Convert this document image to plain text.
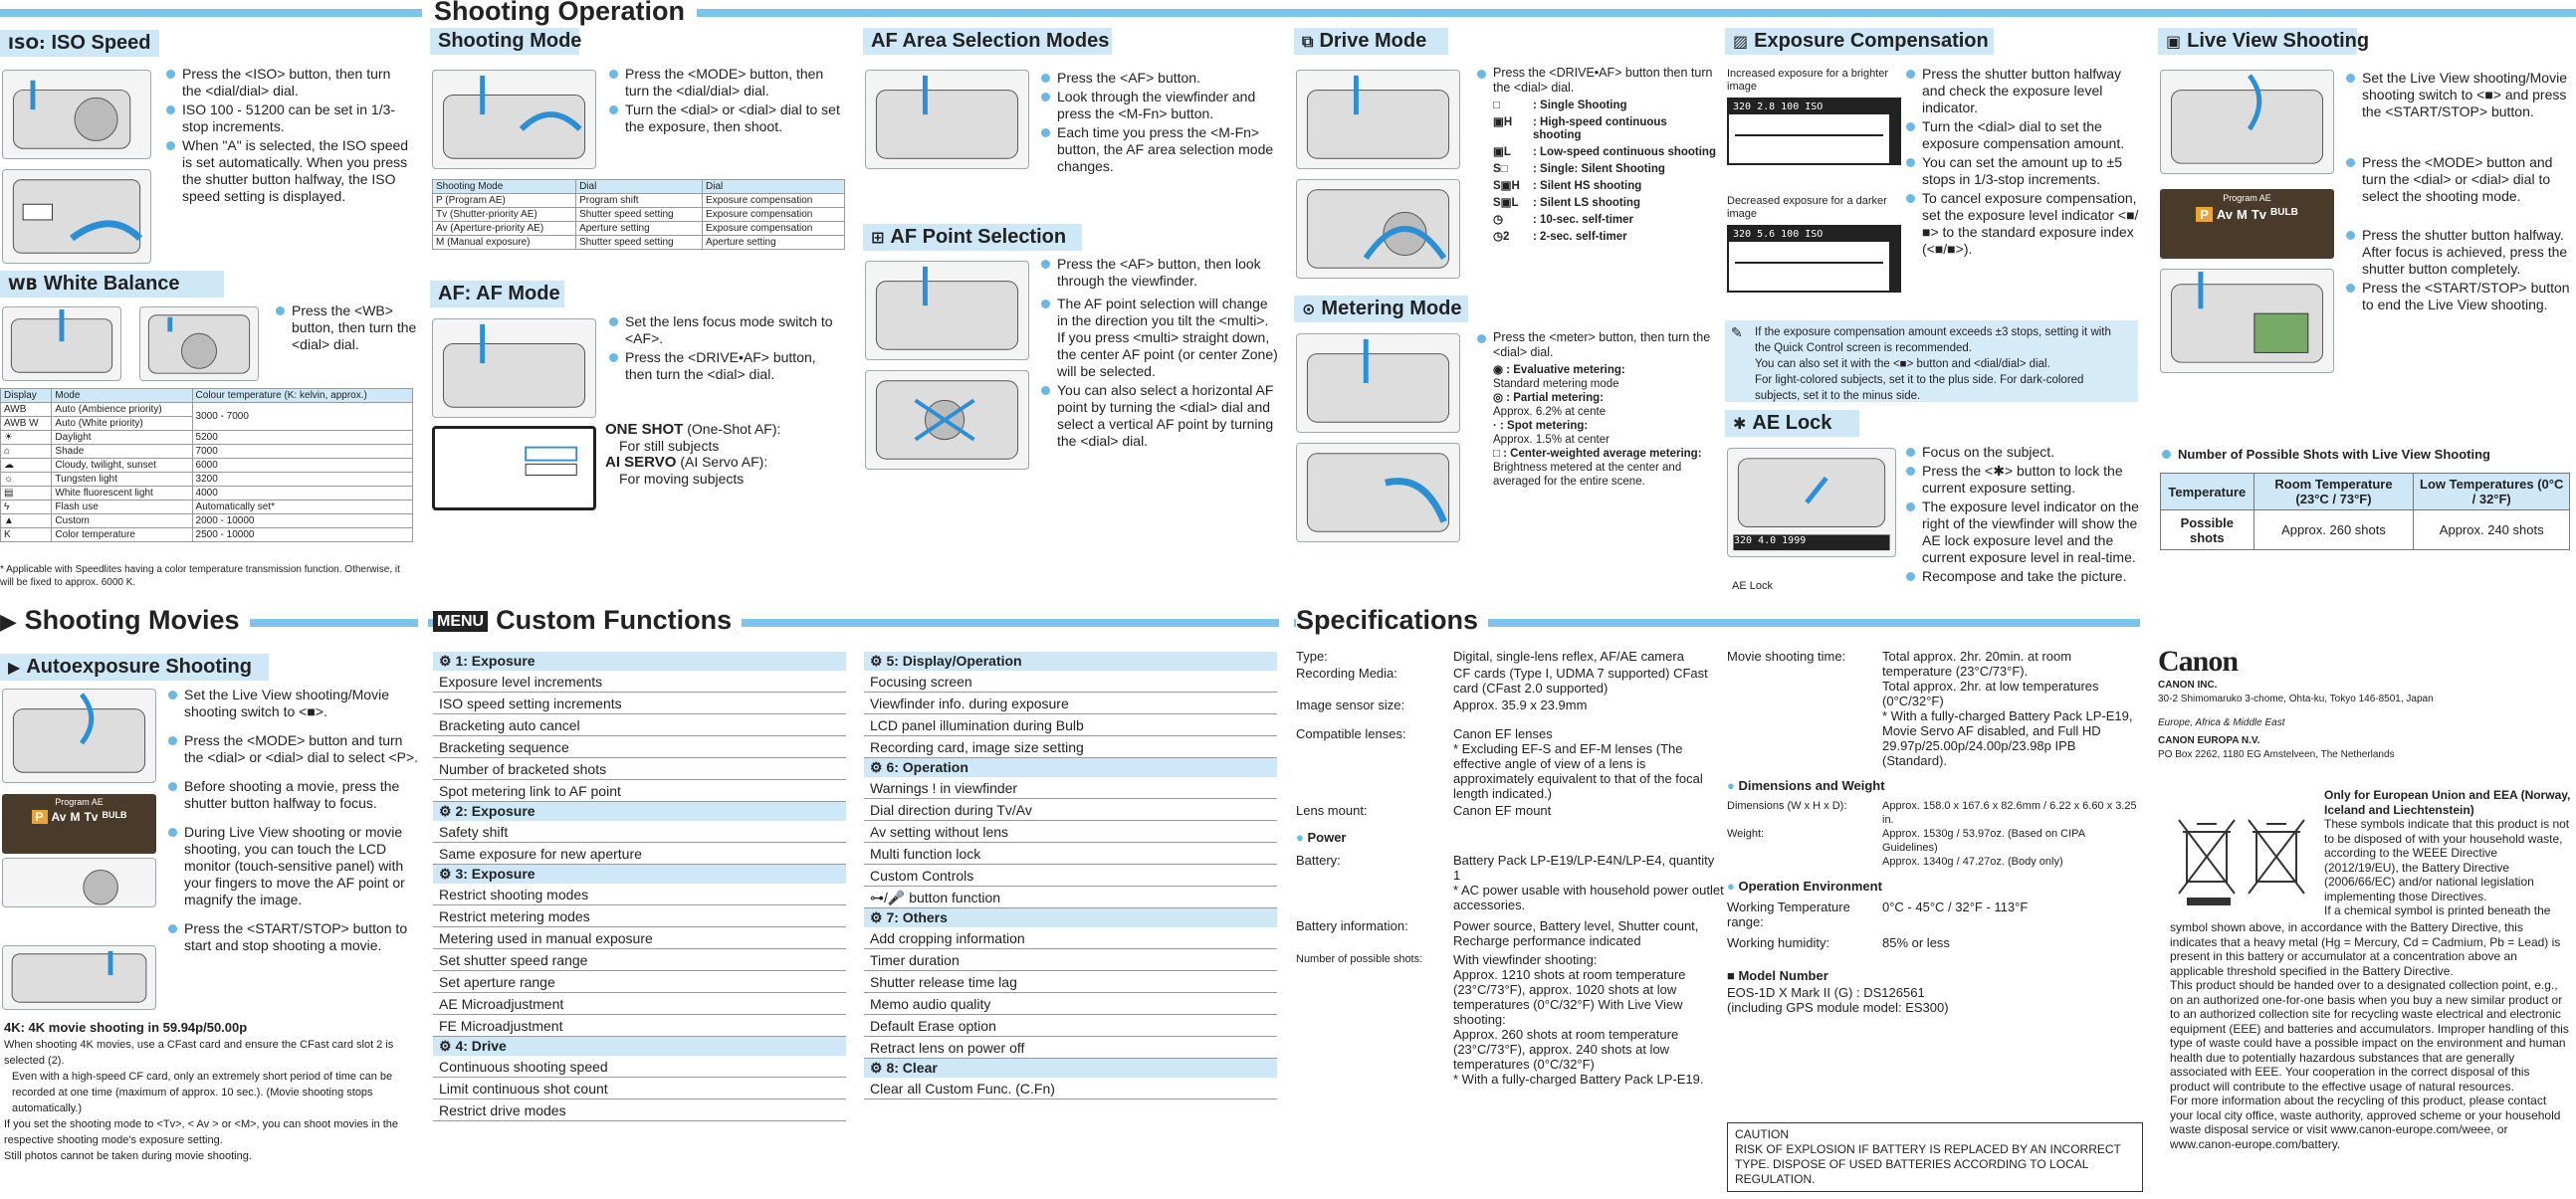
Shooting Operation
ISO: ISO Speed
Press the <ISO> button, then turn the <dial/dial> dial.
ISO 100 - 51200 can be set in 1/3-stop increments.
When "A" is selected, the ISO speed is set automatically. When you press the shutter button halfway, the ISO speed setting is displayed.
WB White Balance
Press the <WB> button, then turn the <dial> dial.
Display	Mode	Colour temperature (K: kelvin, approx.)
AWB	Auto (Ambience priority)	3000 - 7000
AWB W	Auto (White priority)	
☀	Daylight	5200
⌂	Shade	7000
☁	Cloudy, twilight, sunset	6000
☼	Tungsten light	3200
▤	White fluorescent light	4000
ϟ	Flash use	Automatically set*
▲	Custom	2000 - 10000
K	Color temperature	2500 - 10000
* Applicable with Speedlites having a color temperature transmission function. Otherwise, it will be fixed to approx. 6000 K.
Shooting Mode
Press the <MODE> button, then turn the <dial/dial> dial.
Turn the <dial> or <dial> dial to set the exposure, then shoot.
Shooting Mode	Dial	Dial
P (Program AE)	Program shift	Exposure compensation
Tv (Shutter-priority AE)	Shutter speed setting	Exposure compensation
Av (Aperture-priority AE)	Aperture setting	Exposure compensation
M (Manual exposure)	Shutter speed setting	Aperture setting
AF: AF Mode
Set the lens focus mode switch to <AF>.
Press the <DRIVE•AF> button, then turn the <dial> dial.
ONE SHOT (One-Shot AF):
For still subjects
AI SERVO (AI Servo AF):
For moving subjects
AF Area Selection Modes
Press the <AF> button.
Look through the viewfinder and press the <M-Fn> button.
Each time you press the <M-Fn> button, the AF area selection mode changes.
⊞ AF Point Selection
Press the <AF> button, then look through the viewfinder.
The AF point selection will change in the direction you tilt the <multi>. If you press <multi> straight down, the center AF point (or center Zone) will be selected.
You can also select a horizontal AF point by turning the <dial> dial and select a vertical AF point by turning the <dial> dial.
⧉ Drive Mode
Press the <DRIVE•AF> button then turn the <dial> dial.
□	: Single Shooting
▣H	: High-speed continuous shooting
▣L	: Low-speed continuous shooting
S□ : Single: Silent Shooting
S▣H : Silent HS shooting
S▣L : Silent LS shooting
◷	: 10-sec. self-timer
◷2 : 2-sec. self-timer
⊙ Metering Mode
Press the <meter> button, then turn the <dial> dial.
◉ : Evaluative metering:
Standard metering mode
◎ : Partial metering:
Approx. 6.2% at cente
· : Spot metering:
Approx. 1.5% at center
□ : Center-weighted average metering:
Brightness metered at the center and averaged for the entire scene.
▨ Exposure Compensation
Increased exposure for a brighter image
320 2.8 100 ISO
Decreased exposure for a darker image
320 5.6 100 ISO
Press the shutter button halfway and check the exposure level indicator.
Turn the <dial> dial to set the exposure compensation amount.
You can set the amount up to ±5 stops in 1/3-stop increments.
To cancel exposure compensation, set the exposure level indicator <■/■> to the standard exposure index (<■/■>).
✎ If the exposure compensation amount exceeds ±3 stops, setting it with the Quick Control screen is recommended.
You can also set it with the <■> button and <dial/dial> dial.
For light-colored subjects, set it to the plus side. For dark-colored subjects, set it to the minus side.
✱ AE Lock
320 4.0 1999
AE Lock
Focus on the subject.
Press the <✱> button to lock the current exposure setting.
The exposure level indicator on the right of the viewfinder will show the AE lock exposure level and the current exposure level in real-time.
Recompose and take the picture.
▣ Live View Shooting
Program AE
P Av M Tv BULB
Set the Live View shooting/Movie shooting switch to <■> and press the <START/STOP> button.
Press the <MODE> button and turn the <dial> or <dial> dial to select the shooting mode.
Press the shutter button halfway. After focus is achieved, press the shutter button completely.
Press the <START/STOP> button to end the Live View shooting.
Number of Possible Shots with Live View Shooting
Temperature	Room Temperature (23°C / 73°F)	Low Temperatures (0°C / 32°F)
Possible shots	Approx. 260 shots	Approx. 240 shots
▶ Shooting Movies
▶ Autoexposure Shooting
Program AE
P Av M Tv BULB
Set the Live View shooting/Movie shooting switch to <■>.
Press the <MODE> button and turn the <dial> or <dial> dial to select <P>.
Before shooting a movie, press the shutter button halfway to focus.
During Live View shooting or movie shooting, you can touch the LCD monitor (touch-sensitive panel) with your fingers to move the AF point or magnify the image.
Press the <START/STOP> button to start and stop shooting a movie.
4K: 4K movie shooting in 59.94p/50.00p
When shooting 4K movies, use a CFast card and ensure the CFast card slot 2 is selected (2).
Even with a high-speed CF card, only an extremely short period of time can be recorded at one time (maximum of approx. 10 sec.). (Movie shooting stops automatically.)
If you set the shooting mode to <Tv>, < Av > or <M>, you can shoot movies in the respective shooting mode's exposure setting.
Still photos cannot be taken during movie shooting.
MENU Custom Functions
⚙ 1: Exposure
Exposure level increments
ISO speed setting increments
Bracketing auto cancel
Bracketing sequence
Number of bracketed shots
Spot metering link to AF point
⚙ 2: Exposure
Safety shift
Same exposure for new aperture
⚙ 3: Exposure
Restrict shooting modes
Restrict metering modes
Metering used in manual exposure
Set shutter speed range
Set aperture range
AE Microadjustment
FE Microadjustment
⚙ 4: Drive
Continuous shooting speed
Limit continuous shot count
Restrict drive modes
⚙ 5: Display/Operation
Focusing screen
Viewfinder info. during exposure
LCD panel illumination during Bulb
Recording card, image size setting
⚙ 6: Operation
Warnings ! in viewfinder
Dial direction during Tv/Av
Av setting without lens
Multi function lock
Custom Controls
⊶/🎤 button function
⚙ 7: Others
Add cropping information
Timer duration
Shutter release time lag
Memo audio quality
Default Erase option
Retract lens on power off
⚙ 8: Clear
Clear all Custom Func. (C.Fn)
Specifications
Type:	Digital, single-lens reflex, AF/AE camera
Recording Media:	CF cards (Type I, UDMA 7 supported) CFast card (CFast 2.0 supported)
Image sensor size:	Approx. 35.9 x 23.9mm
Compatible lenses:	Canon EF lenses
* Excluding EF-S and EF-M lenses (The effective angle of view of a lens is approximately equivalent to that of the focal length indicated.)
Lens mount:	Canon EF mount
● Power
Battery:	Battery Pack LP-E19/LP-E4N/LP-E4, quantity 1
* AC power usable with household power outlet accessories.
Battery information:	Power source, Battery level, Shutter count, Recharge performance indicated
Number of possible shots:	With viewfinder shooting:
Approx. 1210 shots at room temperature (23°C/73°F), approx. 1020 shots at low temperatures (0°C/32°F) With Live View shooting:
Approx. 260 shots at room temperature (23°C/73°F), approx. 240 shots at low temperatures (0°C/32°F)
* With a fully-charged Battery Pack LP-E19.
Movie shooting time:	Total approx. 2hr. 20min. at room temperature (23°C/73°F).
Total approx. 2hr. at low temperatures (0°C/32°F)
* With a fully-charged Battery Pack LP-E19, Movie Servo AF disabled, and Full HD 29.97p/25.00p/24.00p/23.98p IPB (Standard).
● Dimensions and Weight
Dimensions (W x H x D):	Approx. 158.0 x 167.6 x 82.6mm / 6.22 x 6.60 x 3.25 in.
Weight:	Approx. 1530g / 53.97oz. (Based on CIPA Guidelines)
Approx. 1340g / 47.27oz. (Body only)
● Operation Environment
Working Temperature range:
0°C - 45°C / 32°F - 113°F
Working humidity:	85% or less
■ Model Number
EOS-1D X Mark II (G) : DS126561
(including GPS module model: ES300)
CAUTION
RISK OF EXPLOSION IF BATTERY IS REPLACED BY AN INCORRECT TYPE. DISPOSE OF USED BATTERIES ACCORDING TO LOCAL REGULATION.
Canon
CANON INC.
30-2 Shimomaruko 3-chome, Ohta-ku, Tokyo 146-8501, Japan
Europe, Africa & Middle East
CANON EUROPA N.V.
PO Box 2262, 1180 EG Amstelveen, The Netherlands
Only for European Union and EEA (Norway, Iceland and Liechtenstein)
These symbols indicate that this product is not to be disposed of with your household waste, according to the WEEE Directive (2012/19/EU), the Battery Directive (2006/66/EC) and/or national legislation implementing those Directives.
If a chemical symbol is printed beneath the
symbol shown above, in accordance with the Battery Directive, this indicates that a heavy metal (Hg = Mercury, Cd = Cadmium, Pb = Lead) is present in this battery or accumulator at a concentration above an applicable threshold specified in the Battery Directive.
This product should be handed over to a designated collection point, e.g., on an authorized one-for-one basis when you buy a new similar product or to an authorized collection site for recycling waste electrical and electronic equipment (EEE) and batteries and accumulators. Improper handling of this type of waste could have a possible impact on the environment and human health due to potentially hazardous substances that are generally associated with EEE. Your cooperation in the correct disposal of this product will contribute to the effective usage of natural resources.
For more information about the recycling of this product, please contact your local city office, waste authority, approved scheme or your household waste disposal service or visit www.canon-europe.com/weee, or www.canon-europe.com/battery.
